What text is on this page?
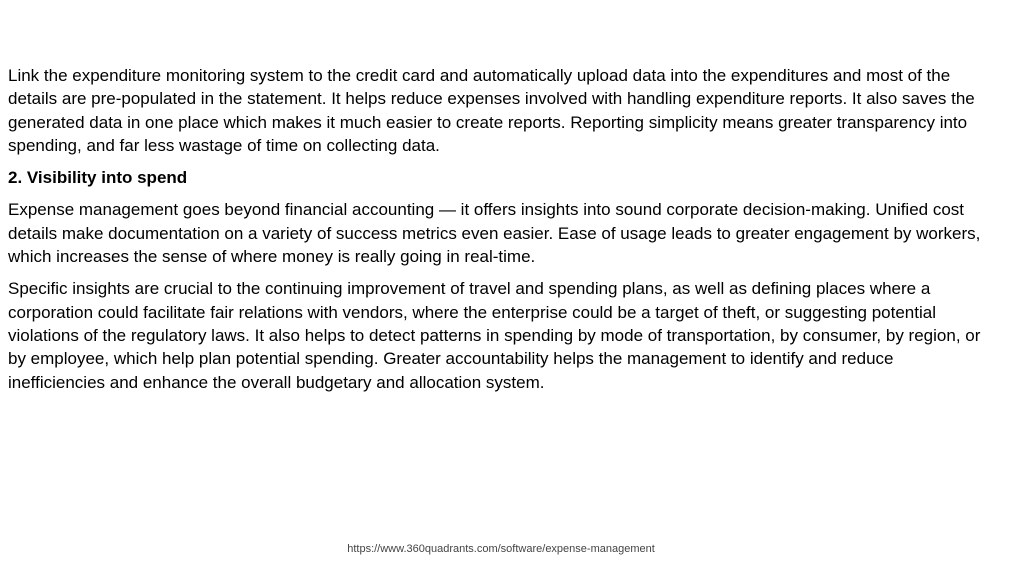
Link the expenditure monitoring system to the credit card and automatically upload data into the expenditures and most of the details are pre-populated in the statement. It helps reduce expenses involved with handling expenditure reports. It also saves the generated data in one place which makes it much easier to create reports. Reporting simplicity means greater transparency into spending, and far less wastage of time on collecting data.

2. Visibility into spend

Expense management goes beyond financial accounting — it offers insights into sound corporate decision-making. Unified cost details make documentation on a variety of success metrics even easier. Ease of usage leads to greater engagement by workers, which increases the sense of where money is really going in real-time.

Specific insights are crucial to the continuing improvement of travel and spending plans, as well as defining places where a corporation could facilitate fair relations with vendors, where the enterprise could be a target of theft, or suggesting potential violations of the regulatory laws. It also helps to detect patterns in spending by mode of transportation, by consumer, by region, or by employee, which help plan potential spending. Greater accountability helps the management to identify and reduce inefficiencies and enhance the overall budgetary and allocation system.

https://www.360quadrants.com/software/expense-management
